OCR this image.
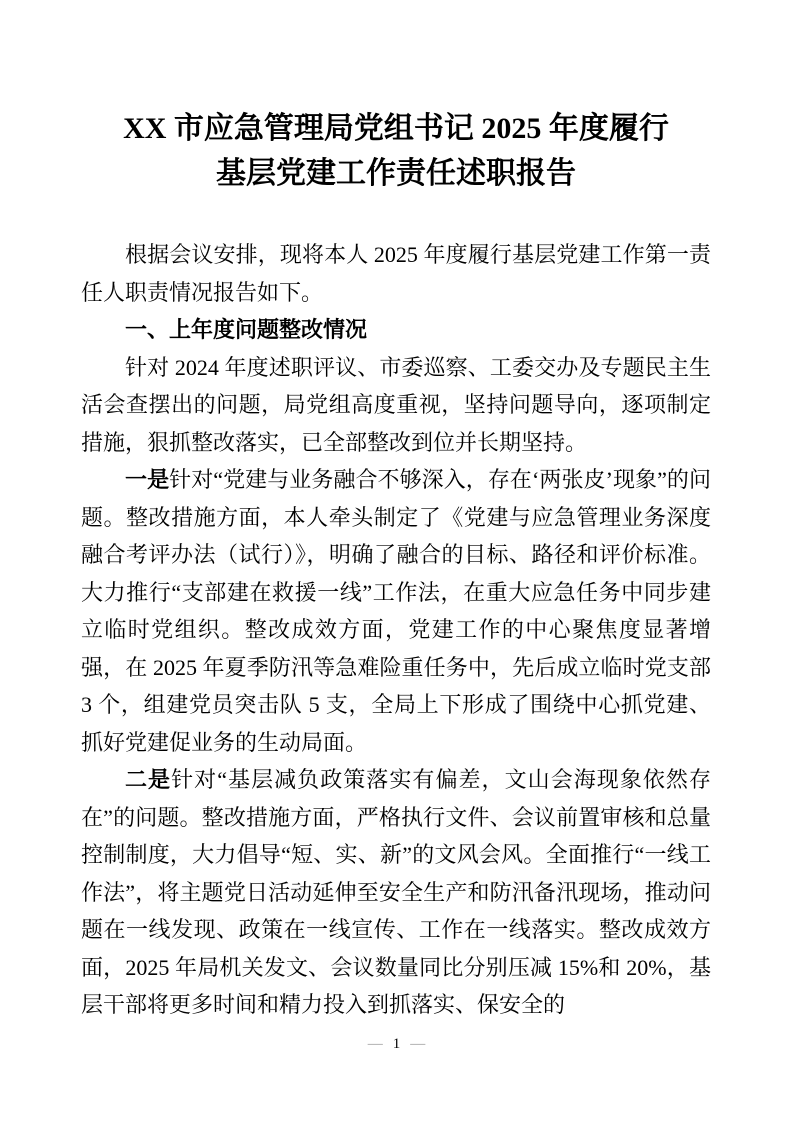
XX 市应急管理局党组书记 2025 年度履行
基层党建工作责任述职报告

根据会议安排，现将本人 2025 年度履行基层党建工作第一责任人职责情况报告如下。

一、上年度问题整改情况

针对 2024 年度述职评议、市委巡察、工委交办及专题民主生活会查摆出的问题，局党组高度重视，坚持问题导向，逐项制定措施，狠抓整改落实，已全部整改到位并长期坚持。

一是针对“党建与业务融合不够深入，存在‘两张皮’现象”的问题。整改措施方面，本人牵头制定了《党建与应急管理业务深度融合考评办法（试行）》，明确了融合的目标、路径和评价标准。大力推行“支部建在救援一线”工作法，在重大应急任务中同步建立临时党组织。整改成效方面，党建工作的中心聚焦度显著增强，在 2025 年夏季防汛等急难险重任务中，先后成立临时党支部 3 个，组建党员突击队 5 支，全局上下形成了围绕中心抓党建、抓好党建促业务的生动局面。

二是针对“基层减负政策落实有偏差，文山会海现象依然存在”的问题。整改措施方面，严格执行文件、会议前置审核和总量控制制度，大力倡导“短、实、新”的文风会风。全面推行“一线工作法”，将主题党日活动延伸至安全生产和防汛备汛现场，推动问题在一线发现、政策在一线宣传、工作在一线落实。整改成效方面，2025 年局机关发文、会议数量同比分别压减 15%和 20%，基层干部将更多时间和精力投入到抓落实、保安全的

— 1 —
